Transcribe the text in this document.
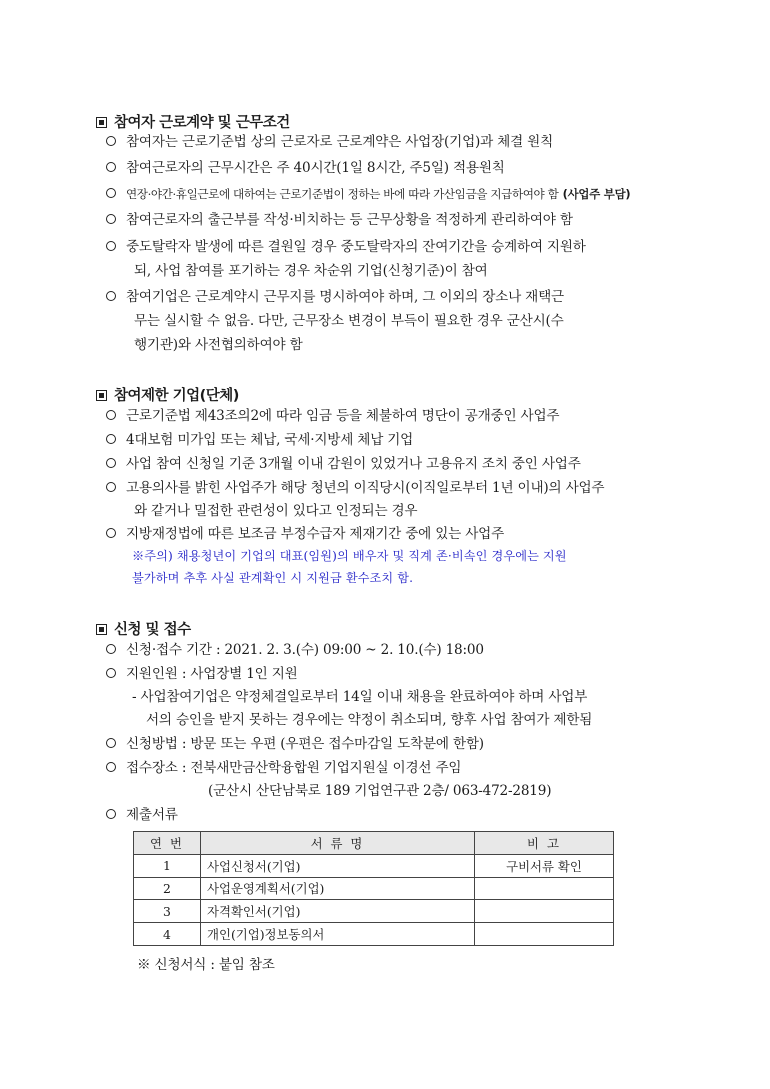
참여자 근로계약 및 근무조건
참여자는 근로기준법 상의 근로자로 근로계약은 사업장(기업)과 체결 원칙
참여근로자의 근무시간은 주 40시간(1일 8시간, 주5일) 적용원칙
연장·야간·휴일근로에 대하여는 근로기준법이 정하는 바에 따라 가산임금을 지급하여야 함 (사업주 부담)
참여근로자의 출근부를 작성·비치하는 등 근무상황을 적정하게 관리하여야 함
중도탈락자 발생에 따른 결원일 경우 중도탈락자의 잔여기간을 승계하여 지원하
되, 사업 참여를 포기하는 경우 차순위 기업(신청기준)이 참여
참여기업은 근로계약시 근무지를 명시하여야 하며, 그 이외의 장소나 재택근
무는 실시할 수 없음. 다만, 근무장소 변경이 부득이 필요한 경우 군산시(수
행기관)와 사전협의하여야 함
참여제한 기업(단체)
근로기준법 제43조의2에 따라 임금 등을 체불하여 명단이 공개중인 사업주
4대보험 미가입 또는 체납, 국세·지방세 체납 기업
사업 참여 신청일 기준 3개월 이내 감원이 있었거나 고용유지 조치 중인 사업주
고용의사를 밝힌 사업주가 해당 청년의 이직당시(이직일로부터 1년 이내)의 사업주
와 같거나 밀접한 관련성이 있다고 인정되는 경우
지방재정법에 따른 보조금 부정수급자 제재기간 중에 있는 사업주
※주의) 채용청년이 기업의 대표(임원)의 배우자 및 직계 존·비속인 경우에는 지원
불가하며 추후 사실 관계확인 시 지원금 환수조치 함.
신청 및 접수
신청·접수 기간 : 2021. 2. 3.(수) 09:00 ~ 2. 10.(수) 18:00
지원인원 : 사업장별 1인 지원
- 사업참여기업은 약정체결일로부터 14일 이내 채용을 완료하여야 하며 사업부
서의 승인을 받지 못하는 경우에는 약정이 취소되며, 향후 사업 참여가 제한됨
신청방법 : 방문 또는 우편 (우편은 접수마감일 도착분에 한함)
접수장소 : 전북새만금산학융합원 기업지원실 이경선 주임
(군산시 산단남북로 189 기업연구관 2층/ 063-472-2819)
제출서류
연 번	서 류 명	비 고
1	사업신청서(기업)	구비서류 확인
2	사업운영계획서(기업)	
3	자격확인서(기업)	
4	개인(기업)정보동의서	
※ 신청서식 : 붙임 참조
